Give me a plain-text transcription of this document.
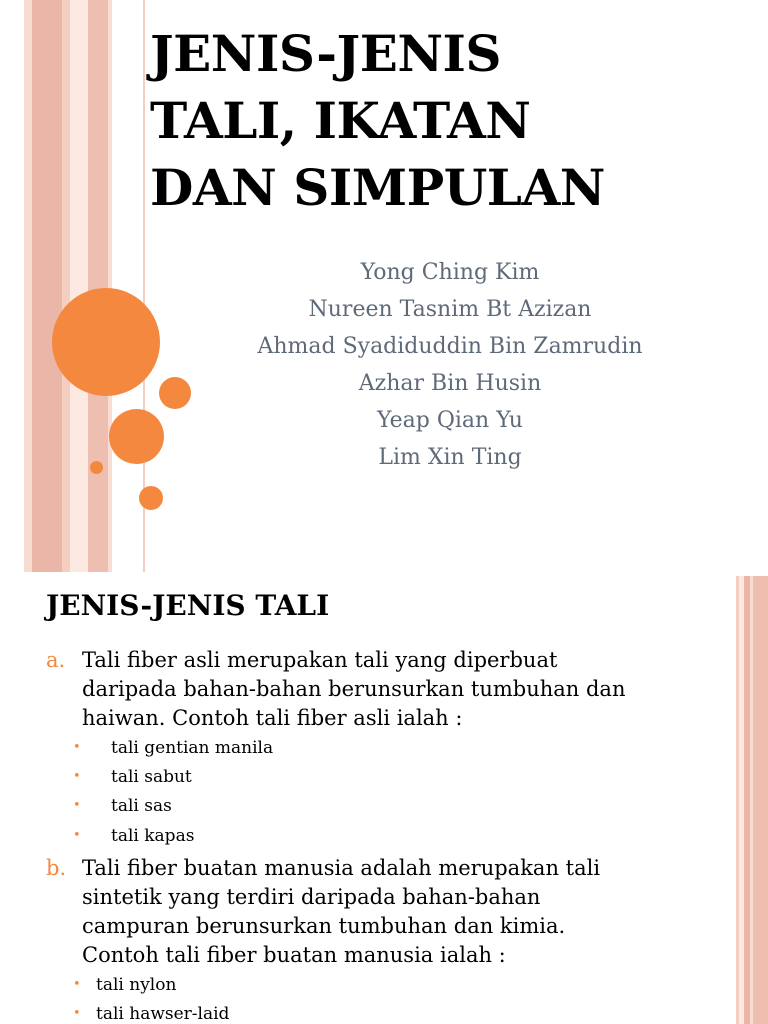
JENIS-JENIS
TALI, IKATAN
DAN SIMPULAN
Yong Ching Kim
Nureen Tasnim Bt Azizan
Ahmad Syadiduddin Bin Zamrudin
Azhar Bin Husin
Yeap Qian Yu
Lim Xin Ting
JENIS-JENIS TALI
a. Tali fiber asli merupakan tali yang diperbuat
daripada bahan-bahan berunsurkan tumbuhan dan
haiwan. Contoh tali fiber asli ialah :
• tali gentian manila
• tali sabut
• tali sas
• tali kapas
b. Tali fiber buatan manusia adalah merupakan tali
sintetik yang terdiri daripada bahan-bahan
campuran berunsurkan tumbuhan dan kimia.
Contoh tali fiber buatan manusia ialah :
• tali nylon
• tali hawser-laid
